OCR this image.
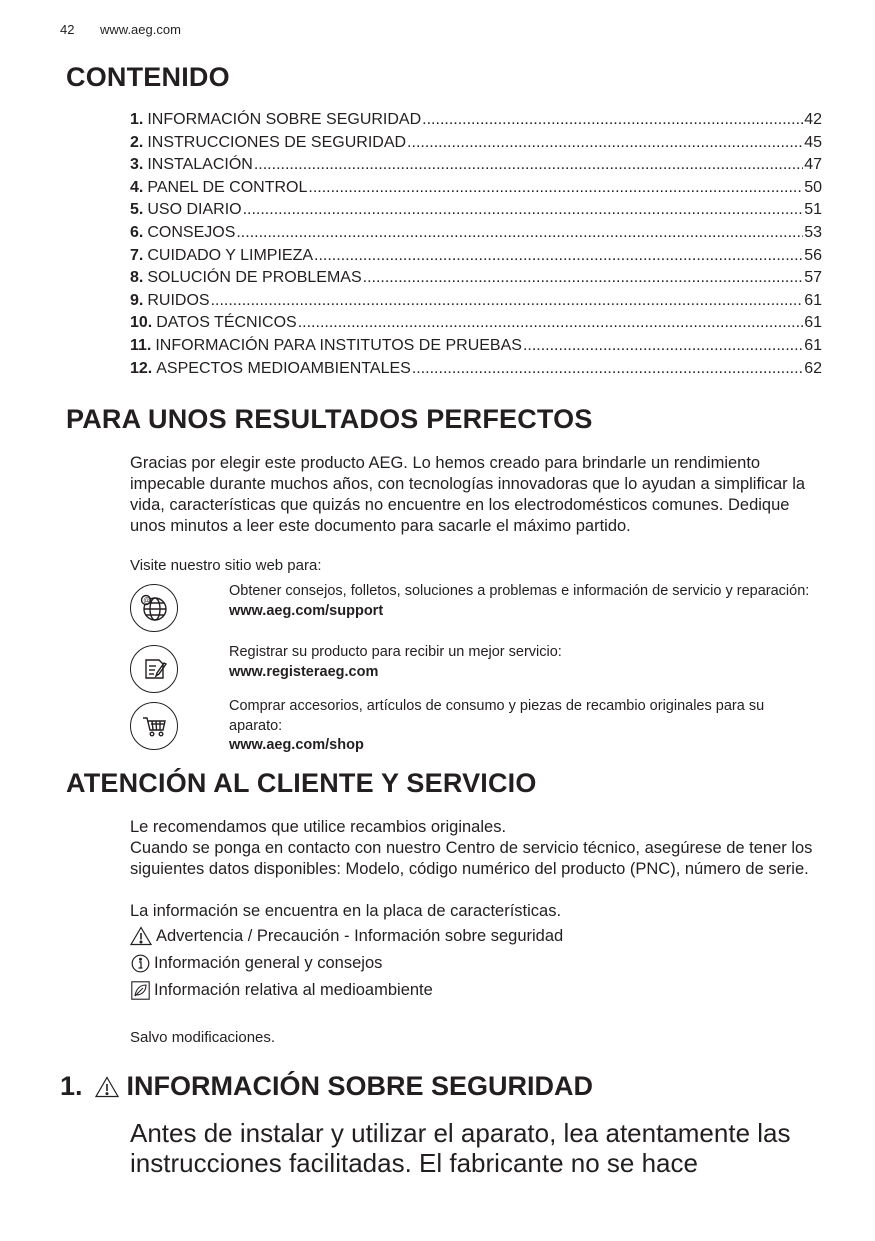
42 www.aeg.com
CONTENIDO
1. INFORMACIÓN SOBRE SEGURIDAD .....	42
2. INSTRUCCIONES DE SEGURIDAD .....	45
3. INSTALACIÓN .....	47
4. PANEL DE CONTROL .....	50
5. USO DIARIO .....	51
6. CONSEJOS .....	53
7. CUIDADO Y LIMPIEZA .....	56
8. SOLUCIÓN DE PROBLEMAS .....	57
9. RUIDOS .....	61
10. DATOS TÉCNICOS .....	61
11. INFORMACIÓN PARA INSTITUTOS DE PRUEBAS .....	61
12. ASPECTOS MEDIOAMBIENTALES .....	62
PARA UNOS RESULTADOS PERFECTOS
Gracias por elegir este producto AEG. Lo hemos creado para brindarle un rendimiento impecable durante muchos años, con tecnologías innovadoras que lo ayudan a simplificar la vida, características que quizás no encuentre en los electrodomésticos comunes. Dedique unos minutos a leer este documento para sacarle el máximo partido.
Visite nuestro sitio web para:
@
Obtener consejos, folletos, soluciones a problemas e información de servicio y reparación:
www.aeg.com/support
Registrar su producto para recibir un mejor servicio:
www.registeraeg.com
Comprar accesorios, artículos de consumo y piezas de recambio originales para su aparato:
www.aeg.com/shop
ATENCIÓN AL CLIENTE Y SERVICIO
Le recomendamos que utilice recambios originales.
Cuando se ponga en contacto con nuestro Centro de servicio técnico, asegúrese de tener los siguientes datos disponibles: Modelo, código numérico del producto (PNC), número de serie.
La información se encuentra en la placa de características.
Advertencia / Precaución - Información sobre seguridad
Información general y consejos
Información relativa al medioambiente
Salvo modificaciones.
1. INFORMACIÓN SOBRE SEGURIDAD
Antes de instalar y utilizar el aparato, lea atentamente las instrucciones facilitadas. El fabricante no se hace
